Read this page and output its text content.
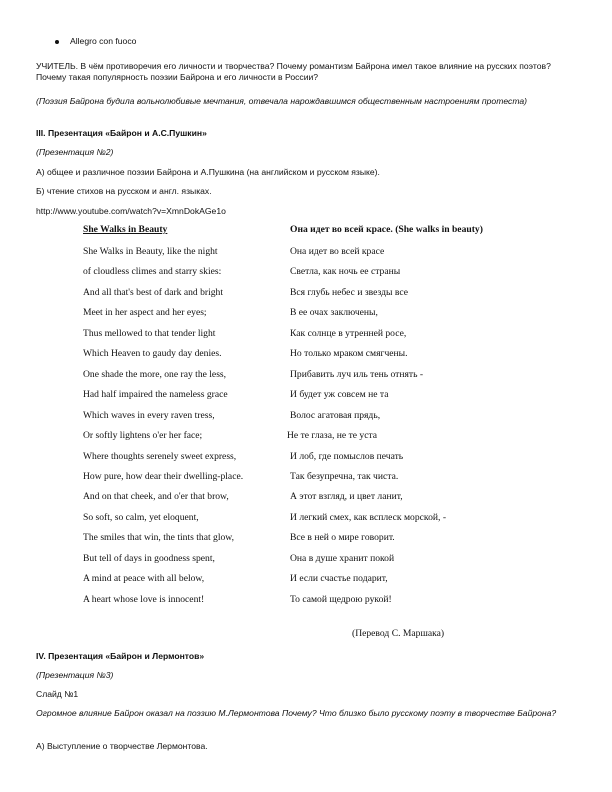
Allegro con fuoco
УЧИТЕЛЬ. В чём противоречия его личности и творчества? Почему романтизм Байрона имел такое влияние на русских поэтов? Почему такая популярность поэзии Байрона и его личности в России?
(Поэзия Байрона будила вольнолюбивые мечтания, отвечала нарождавшимся общественным настроениям протеста)
III. Презентация «Байрон и А.С.Пушкин»
(Презентация №2)
А) общее и различное поэзии Байрона и А.Пушкина (на английском и русском языке).
Б) чтение стихов на русском и англ. языках.
http://www.youtube.com/watch?v=XmnDokAGe1o
She Walks in Beauty	Она идет во всей красе. (She walks in beauty)
She Walks in Beauty, like the night	Она идет во всей красе
of cloudless climes and starry skies:	Светла, как ночь ее страны
And all that's best of dark and bright	Вся глубь небес и звезды все
Meet in her aspect and her eyes;	В ее очах заключены,
Thus mellowed to that tender light	Как солнце в утренней росе,
Which Heaven to gaudy day denies.	Но только мраком смягчены.
One shade the more, one ray the less,	Прибавить луч иль тень отнять -
Had half impaired the nameless grace	И будет уж совсем не та
Which waves in every raven tress,	Волос агатовая прядь,
Or softly lightens o'er her face;	Не те глаза, не те уста
Where thoughts serenely sweet express,	И лоб, где помыслов печать
How pure, how dear their dwelling-place.	Так безупречна, так чиста.
And on that cheek, and o'er that brow,	А этот взгляд, и цвет ланит,
So soft, so calm, yet eloquent,	И легкий смех, как всплеск морской, -
The smiles that win, the tints that glow,	Все в ней о мире говорит.
But tell of days in goodness spent,	Она в душе хранит покой
A mind at peace with all below,	И если счастье подарит,
A heart whose love is innocent!	То самой щедрою рукой!
(Перевод С. Маршака)
IV. Презентация «Байрон и Лермонтов»
(Презентация №3)
Слайд №1
Огромное влияние Байрон оказал на поэзию М.Лермонтова Почему? Что близко было русскому поэту в творчестве Байрона?
А) Выступление о творчестве Лермонтова.
